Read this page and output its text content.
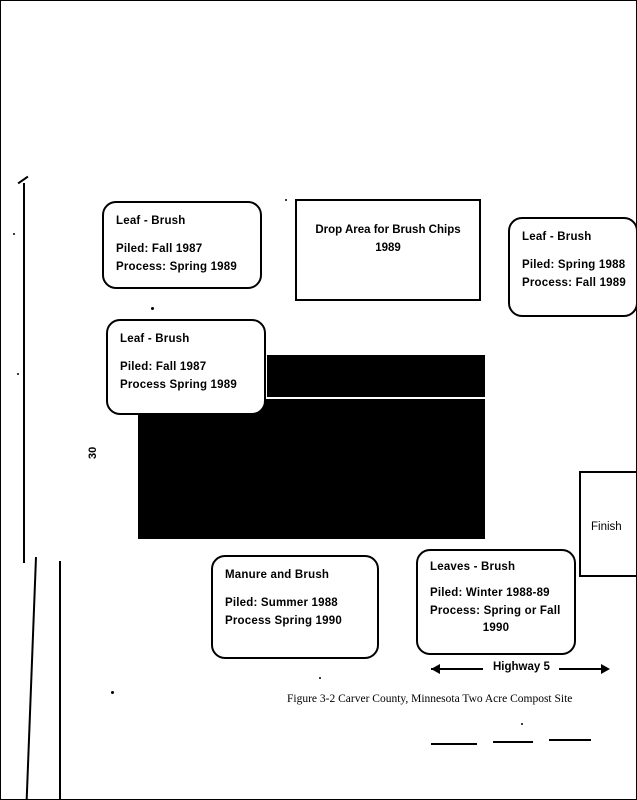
30
Leaf - Brush
Piled: Fall 1987
Process: Spring 1989
Drop Area for Brush Chips
1989
Leaf - Brush
Piled: Spring 1988
Process: Fall 1989
Leaf - Brush
Piled: Fall 1987
Process Spring 1989
Manure and Brush
Piled: Summer 1988
Process Spring 1990
Leaves - Brush
Piled: Winter 1988-89
Process: Spring or Fall
1990
Finish
Highway 5
Figure 3-2 Carver County, Minnesota Two Acre Compost Site
